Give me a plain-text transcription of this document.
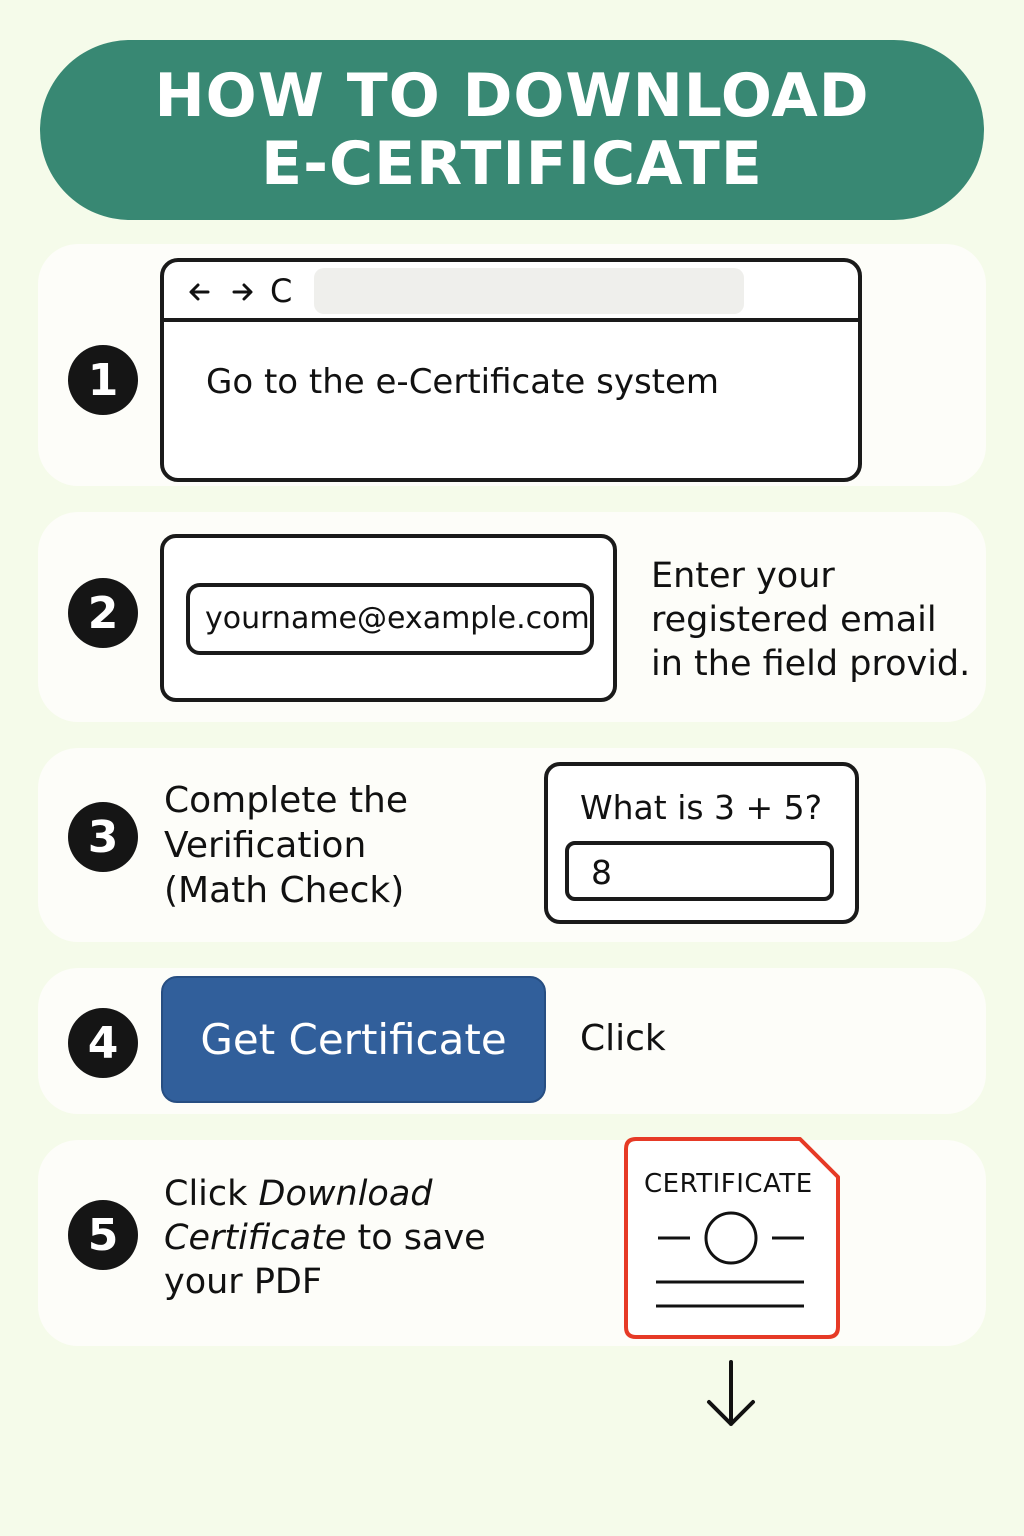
HOW TO DOWNLOAD
E-CERTIFICATE
1
C
Go to the e-Certificate system
2	yourname@example.com
Enter your
registered email
in the field provid.
3
Complete the
Verification
(Math Check)
What is 3 + 5?
8
4	Get Certificate	Click
5
Click Download
Certificate to save
your PDF
CERTIFICATE
